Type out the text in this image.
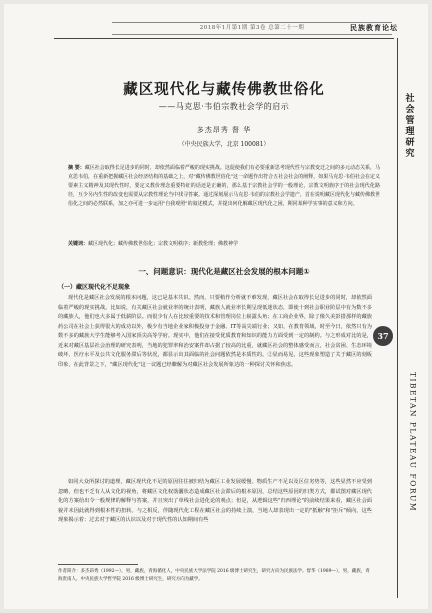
2018年1月第1期 第3卷 总第二十一期	民族教育论坛
社会管理研究
37
TIBETAN PLATEAU FORUM
藏区现代化与藏传佛教世俗化
——马克思·韦伯宗教社会学的启示
多杰昂秀 督 华
（中央民族大学，北京 100081）
摘 要：藏区社会取得长足进步的同时，却依然面临着严峻的现实挑战。这促使我们有必要重新思考现代性与宗教变迁之间的多元动态关系，马克思韦伯，在重新把握藏区社会经济结构的基础之上，对"藏传佛教世俗化"这一命题作出符合五社会社会的阐释，如果马克思·韦伯社会在定义要素主义精神及其现代性时，要定义教价理念重要特征的话还是正确的，那么基于宗教社会学的一般理论，宗教文明族序于的社会现代化路径，互少另内生性的改变也需要从宗教性理论当中找寻答案。通过深刻展示马克思·韦伯的宗教社会学遗产，首在说明藏区现代化与藏传佛教世俗化之间的必然联系，加之亦可进一步运用"自我观照"的叙述模式，并提出何化解藏区现代化之困，期同某种学实事的意义和方向。
关键词：藏区现代化；藏传佛教世俗化；宗教文明秩序；新教伦理；佛教神学
一、问题意识：现代化是藏区社会发展的根本问题①
（一）藏区现代化不足现象
现代化是藏区社会发展的根本问题，这已是基本共识。然而，只要稍作分析就不难发现，藏区社会在取得长足进步的同时，却依然面临着严峻的现实挑战。比如说，有关藏区社会就业率的统计表明，藏族人就业率长期呈现低迷状态，即使十到社会职业阶层中有为数不多的藏族人，他们也大多属于低薪阶层。而很少有人在比较重要的技术和管理岗位上崭露头角；在工商企业界，除了像久美彭措那样的藏族药公司在社会上获得很大的成功以外，极少有当地企业家积极投身于金融、IT等高尖端行业；又如，在教育领域，时至今日，依然只有为数不多的藏族大学生能够考入国家顶尖高等学府。现实中，他们在接受优质教育和知识的能力方面受到一定的制约。与之形成对比的是，近来对藏区基层社会治理的研究表明，当地的犯罪率和治安案件却占据了较高的比重，就藏区社会的整体感受而言，社会贫困、生态环境破坏、医疗水平及公共文化服务滞后等状况，都显示出其面临的社会问题依然是本质性的。②显而易见，这些现象塑造了关于藏区的刻板印象，在此背景之下，"藏区现代化"这一议题已经瞭解为对藏区社会发展所象达的一种探讨关怀和焦虑。
如同大众所探讨的道理，藏区现代化不足的原因往往被归结为藏区工业发展缓慢、物质生产不足以及区位劣势等，这些显然不应受到忽略，但也不乏有人从文化的视角，将藏区文化权落囊状态造成藏区社会滞后的根本原因，总结这些原因的归类方式，都试图对藏区现代化的方案给出令一般规律的解释与答案，并且突出了单线社会进化论的观点；但是，从逻辑这些"归西理论"的前续结果来看，藏区社会面貌并未因此就得到根本性的扭转。与之相反，伴随现代化工程在藏区社会的持续上演，当地人却表现出一定的"抵触"和"拒斥"倾向，这些现象揭示着：过去对于藏区的认识以及对于现代性的认知期间有些
作者简介：多杰昂秀（1992—），男，藏族，青海循化人，中央民族大学法学院 2016 级博士研究生，研究方向为民族法学。督华（1989—），男，藏族，青海贵南人，中央民族大学哲学院 2016 级博士研究生，研究方向为藏学。
